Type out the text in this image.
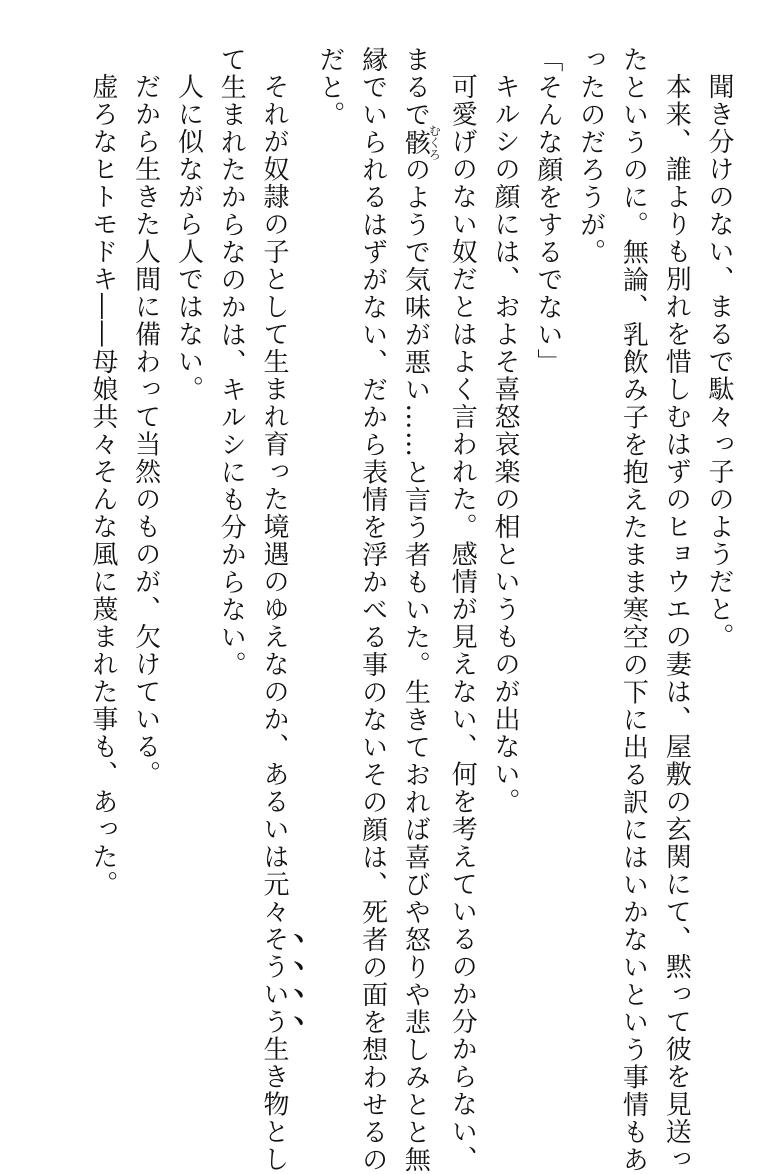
聞き分けのない、まるで駄々っ子のようだと。
本来、誰よりも別れを惜しむはずのヒョウエの妻は、屋敷の玄関にて、黙って彼を見送っ
たというのに。無論、乳飲み子を抱えたまま寒空の下に出る訳にはいかないという事情もあ
ったのだろうが。
「そんな顔をするでない」
キルシの顔には、およそ喜怒哀楽の相というものが出ない。
可愛げのない奴だとはよく言われた。感情が見えない、何を考えているのか分からない、
まるで骸むくろのようで気味が悪い……と言う者もいた。生きておれば喜びや怒りや悲しみとと無
縁でいられるはずがない、だから表情を浮かべる事のないその顔は、死者の面を想わせるの
だと。
それが奴隷の子として生まれ育った境遇のゆえなのか、あるいは元々そういう生き物とし
て生まれたからなのかは、キルシにも分からない。
人に似ながら人ではない。
だから生きた人間に備わって当然のものが、欠けている。
虚ろなヒトモドキ――母娘共々そんな風に蔑まれた事も、あった。
